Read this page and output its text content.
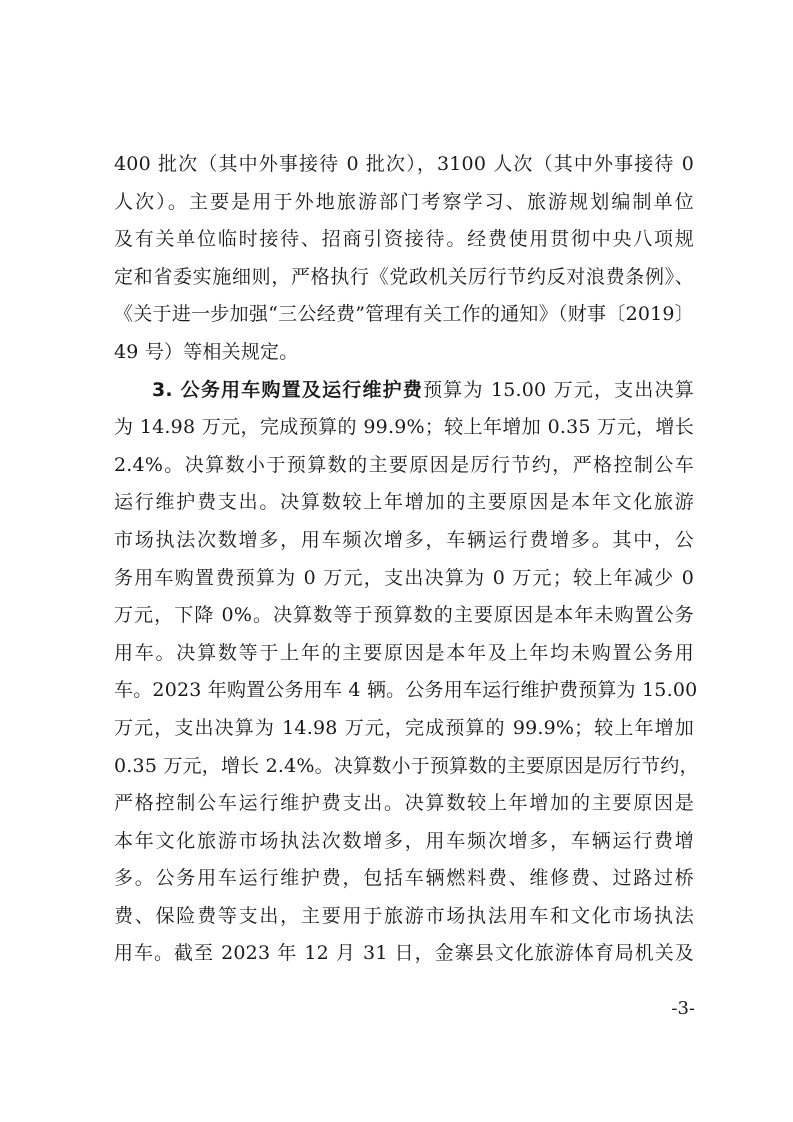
400 批次（其中外事接待 0 批次），3100 人次（其中外事接待 0
人次）。主要是用于外地旅游部门考察学习、旅游规划编制单位
及有关单位临时接待、招商引资接待。经费使用贯彻中央八项规
定和省委实施细则，严格执行《党政机关厉行节约反对浪费条例》、
《关于进一步加强“三公经费”管理有关工作的通知》（财事〔2019〕
49 号）等相关规定。
3. 公务用车购置及运行维护费预算为 15.00 万元，支出决算
为 14.98 万元，完成预算的 99.9%；较上年增加 0.35 万元，增长
2.4%。决算数小于预算数的主要原因是厉行节约，严格控制公车
运行维护费支出。决算数较上年增加的主要原因是本年文化旅游
市场执法次数增多，用车频次增多，车辆运行费增多。其中，公
务用车购置费预算为 0 万元，支出决算为 0 万元；较上年减少 0
万元，下降 0%。决算数等于预算数的主要原因是本年未购置公务
用车。决算数等于上年的主要原因是本年及上年均未购置公务用
车。2023 年购置公务用车 4 辆。公务用车运行维护费预算为 15.00
万元，支出决算为 14.98 万元，完成预算的 99.9%；较上年增加
0.35 万元，增长 2.4%。决算数小于预算数的主要原因是厉行节约，
严格控制公车运行维护费支出。决算数较上年增加的主要原因是
本年文化旅游市场执法次数增多，用车频次增多，车辆运行费增
多。公务用车运行维护费，包括车辆燃料费、维修费、过路过桥
费、保险费等支出，主要用于旅游市场执法用车和文化市场执法
用车。截至 2023 年 12 月 31 日，金寨县文化旅游体育局机关及
-3-
